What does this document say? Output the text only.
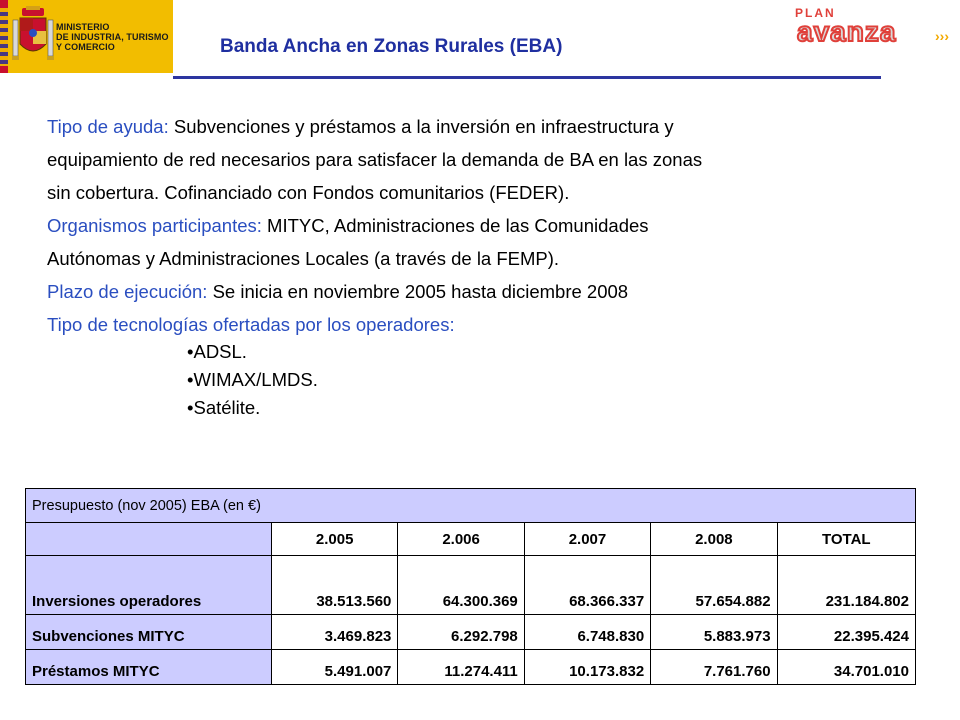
MINISTERIO
DE INDUSTRIA, TURISMO
Y COMERCIO	Banda Ancha en Zonas Rurales (EBA)
PLAN
avanza	›››
Tipo de ayuda: Subvenciones y préstamos a la inversión en infraestructura y
equipamiento de red necesarios para satisfacer la demanda de BA en las zonas
sin cobertura. Cofinanciado con Fondos comunitarios (FEDER).
Organismos participantes: MITYC, Administraciones de las Comunidades
Autónomas y Administraciones Locales (a través de la FEMP).
Plazo de ejecución: Se inicia en noviembre 2005 hasta diciembre 2008
Tipo de tecnologías ofertadas por los operadores:
•ADSL.
•WIMAX/LMDS.
•Satélite.
Presupuesto (nov 2005) EBA (en €)					
	2.005	2.006	2.007	2.008	TOTAL
Inversiones operadores	38.513.560	64.300.369	68.366.337	57.654.882	231.184.802
Subvenciones MITYC	3.469.823	6.292.798	6.748.830	5.883.973	22.395.424
Préstamos MITYC	5.491.007	11.274.411	10.173.832	7.761.760	34.701.010
